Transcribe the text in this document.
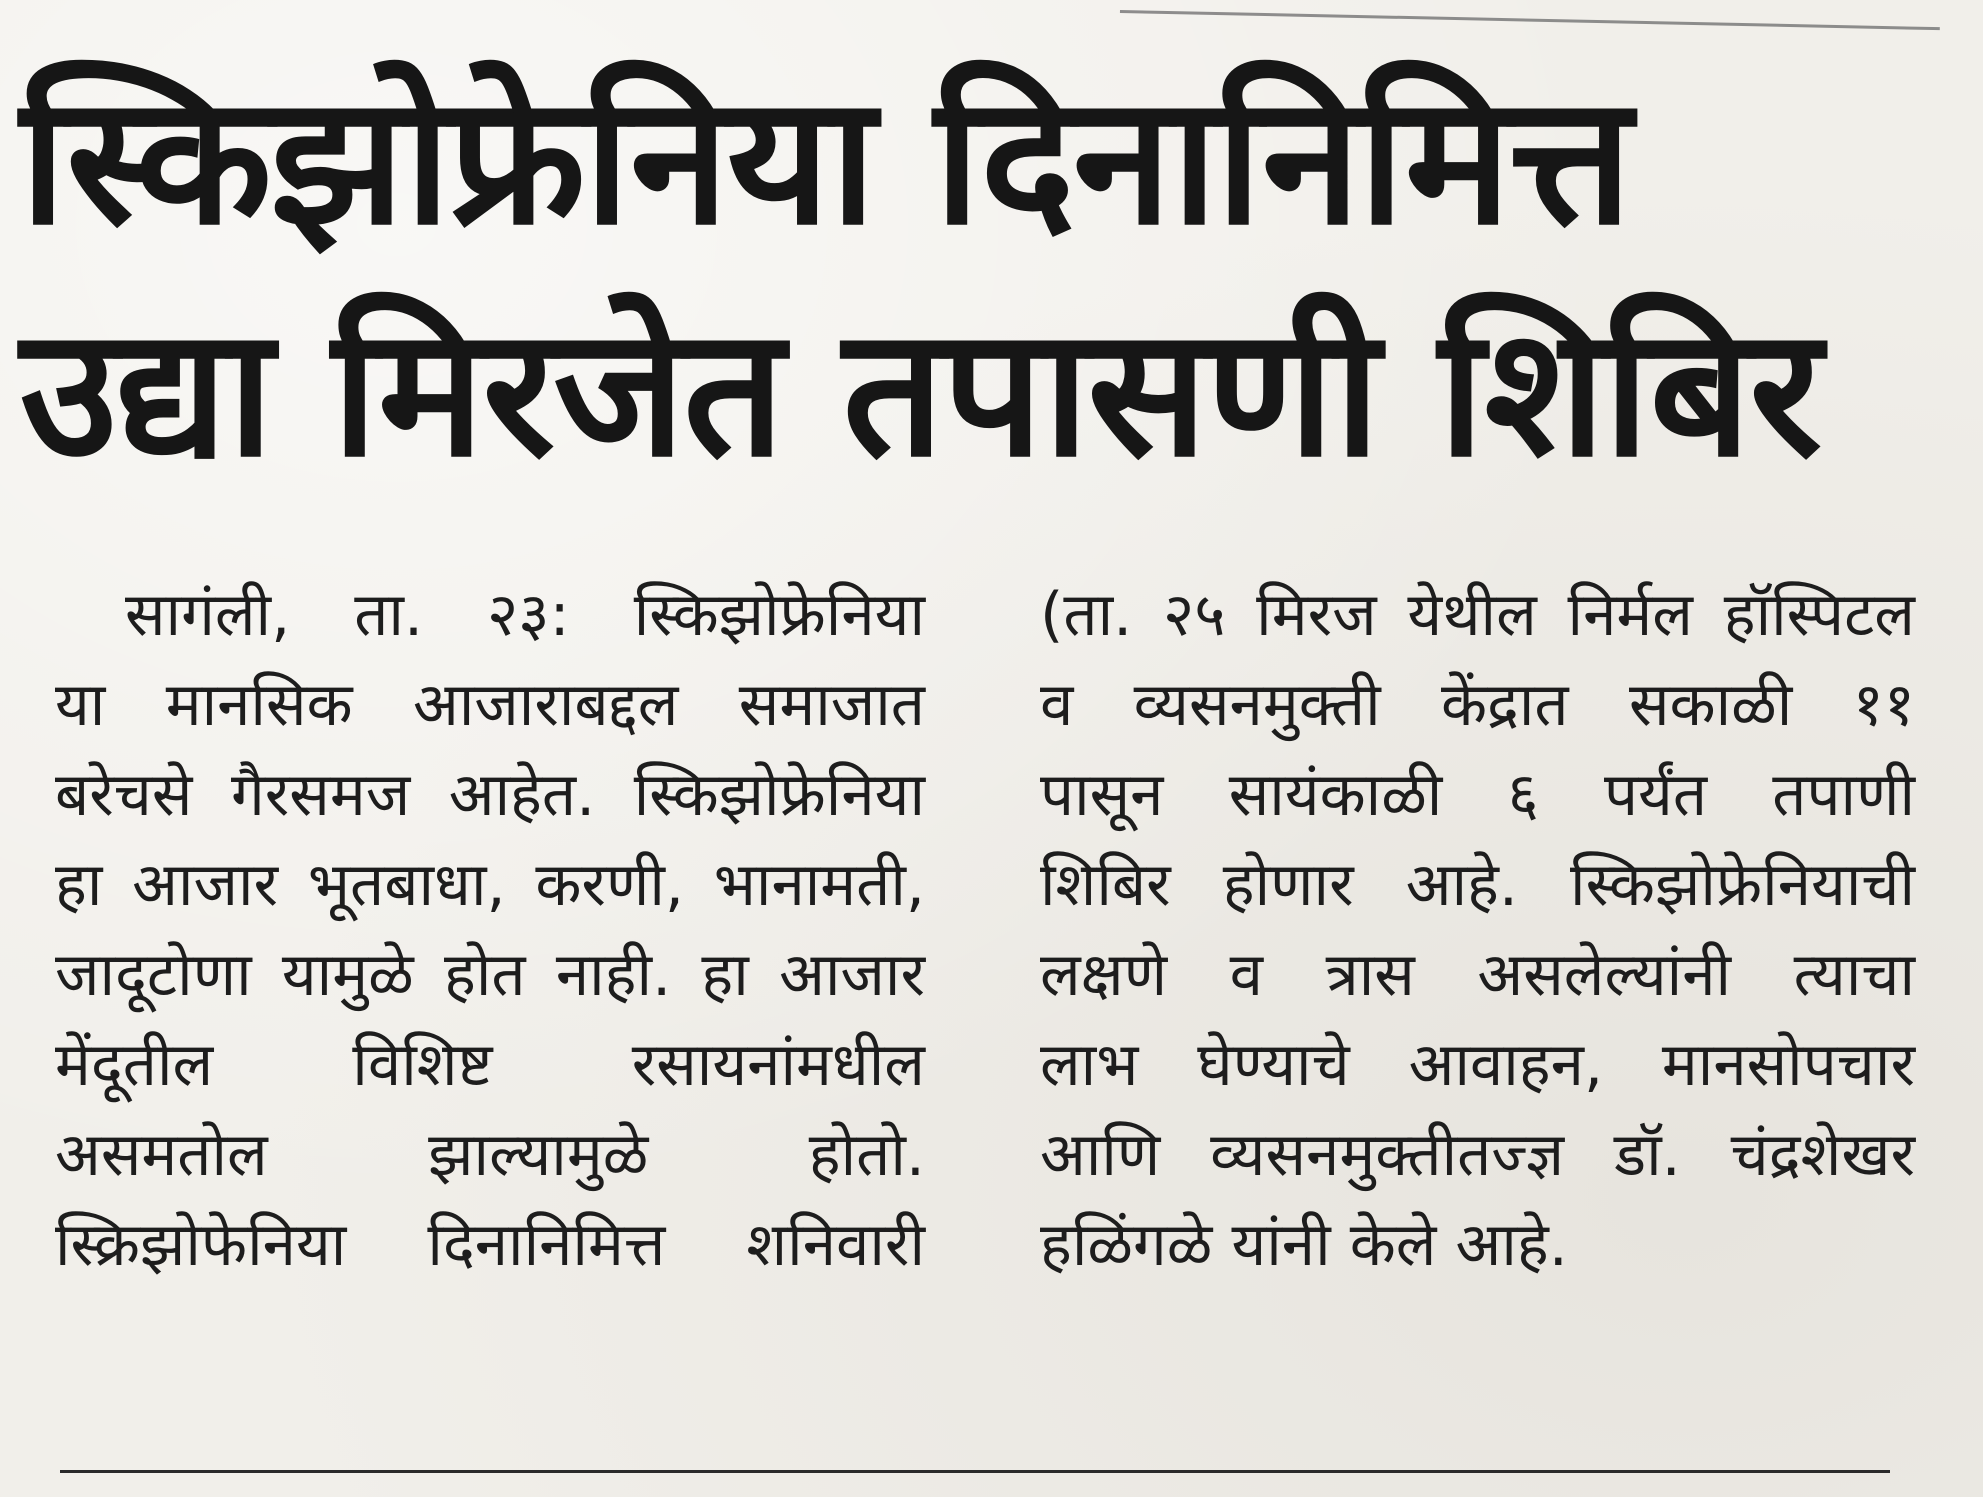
स्किझोफ्रेनिया दिनानिमित्त
उद्या मिरजेत तपासणी शिबिर
सागंली, ता. २३: स्किझोफ्रेनिया
या मानसिक आजाराबद्दल समाजात
बरेचसे गैरसमज आहेत. स्किझोफ्रेनिया
हा आजार भूतबाधा, करणी, भानामती,
जादूटोणा यामुळे होत नाही. हा आजार
मेंदूतील विशिष्ट रसायनांमधील
असमतोल झाल्यामुळे होतो.
स्क्रिझोफेनिया दिनानिमित्त शनिवारी
(ता. २५ मिरज येथील निर्मल हॉस्पिटल
व व्यसनमुक्ती केंद्रात सकाळी ११
पासून सायंकाळी ६ पर्यंत तपाणी
शिबिर होणार आहे. स्किझोफ्रेनियाची
लक्षणे व त्रास असलेल्यांनी त्याचा
लाभ घेण्याचे आवाहन, मानसोपचार
आणि व्यसनमुक्तीतज्ज्ञ डॉ. चंद्रशेखर
हळिंगळे यांनी केले आहे.
